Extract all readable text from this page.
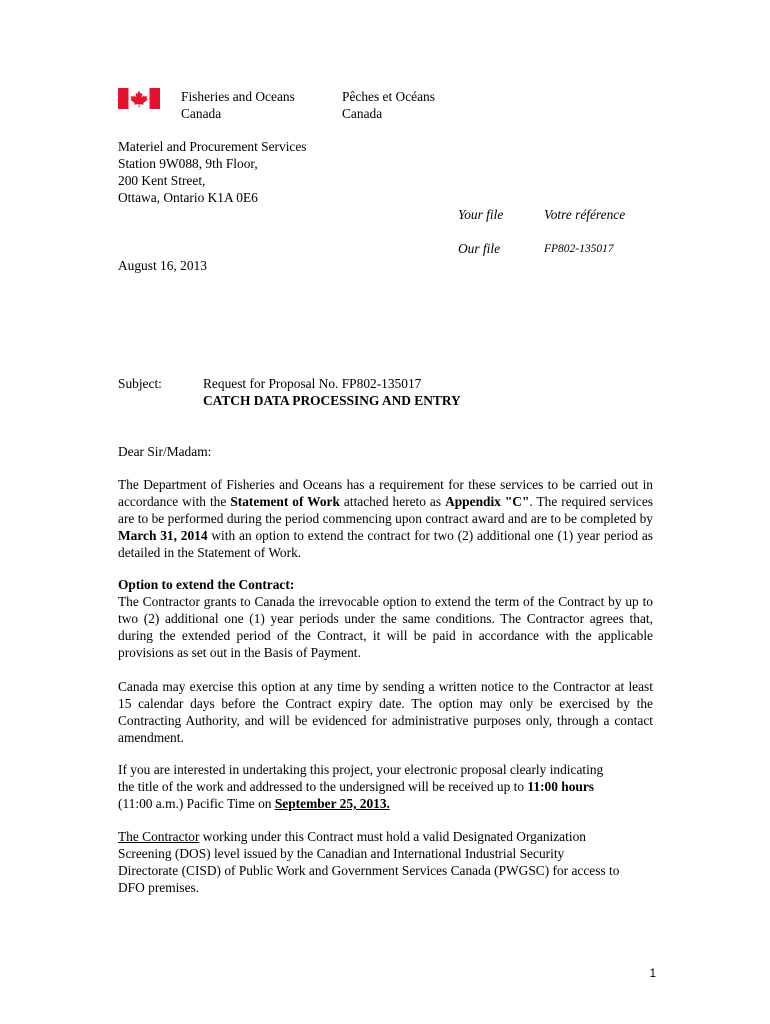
Fisheries and Oceans
Canada
Pêches et Océans
Canada
Materiel and Procurement Services
Station 9W088, 9th Floor,
200 Kent Street,
Ottawa, Ontario K1A 0E6
Your file	Votre référence
Our file	FP802-135017
August 16, 2013
Subject:	Request for Proposal No. FP802-135017
CATCH DATA PROCESSING AND ENTRY
Dear Sir/Madam:

The Department of Fisheries and Oceans has a requirement for these services to be carried out in accordance with the Statement of Work attached hereto as Appendix "C". The required services are to be performed during the period commencing upon contract award and are to be completed by March 31, 2014 with an option to extend the contract for two (2) additional one (1) year period as detailed in the Statement of Work.

Option to extend the Contract:

The Contractor grants to Canada the irrevocable option to extend the term of the Contract by up to two (2) additional one (1) year periods under the same conditions. The Contractor agrees that, during the extended period of the Contract, it will be paid in accordance with the applicable provisions as set out in the Basis of Payment.

Canada may exercise this option at any time by sending a written notice to the Contractor at least 15 calendar days before the Contract expiry date. The option may only be exercised by the Contracting Authority, and will be evidenced for administrative purposes only, through a contact amendment.

If you are interested in undertaking this project, your electronic proposal clearly indicating
the title of the work and addressed to the undersigned will be received up to 11:00 hours
(11:00 a.m.) Pacific Time on September 25, 2013.
The Contractor working under this Contract must hold a valid Designated Organization
Screening (DOS) level issued by the Canadian and International Industrial Security
Directorate (CISD) of Public Work and Government Services Canada (PWGSC) for access to
DFO premises.
1
